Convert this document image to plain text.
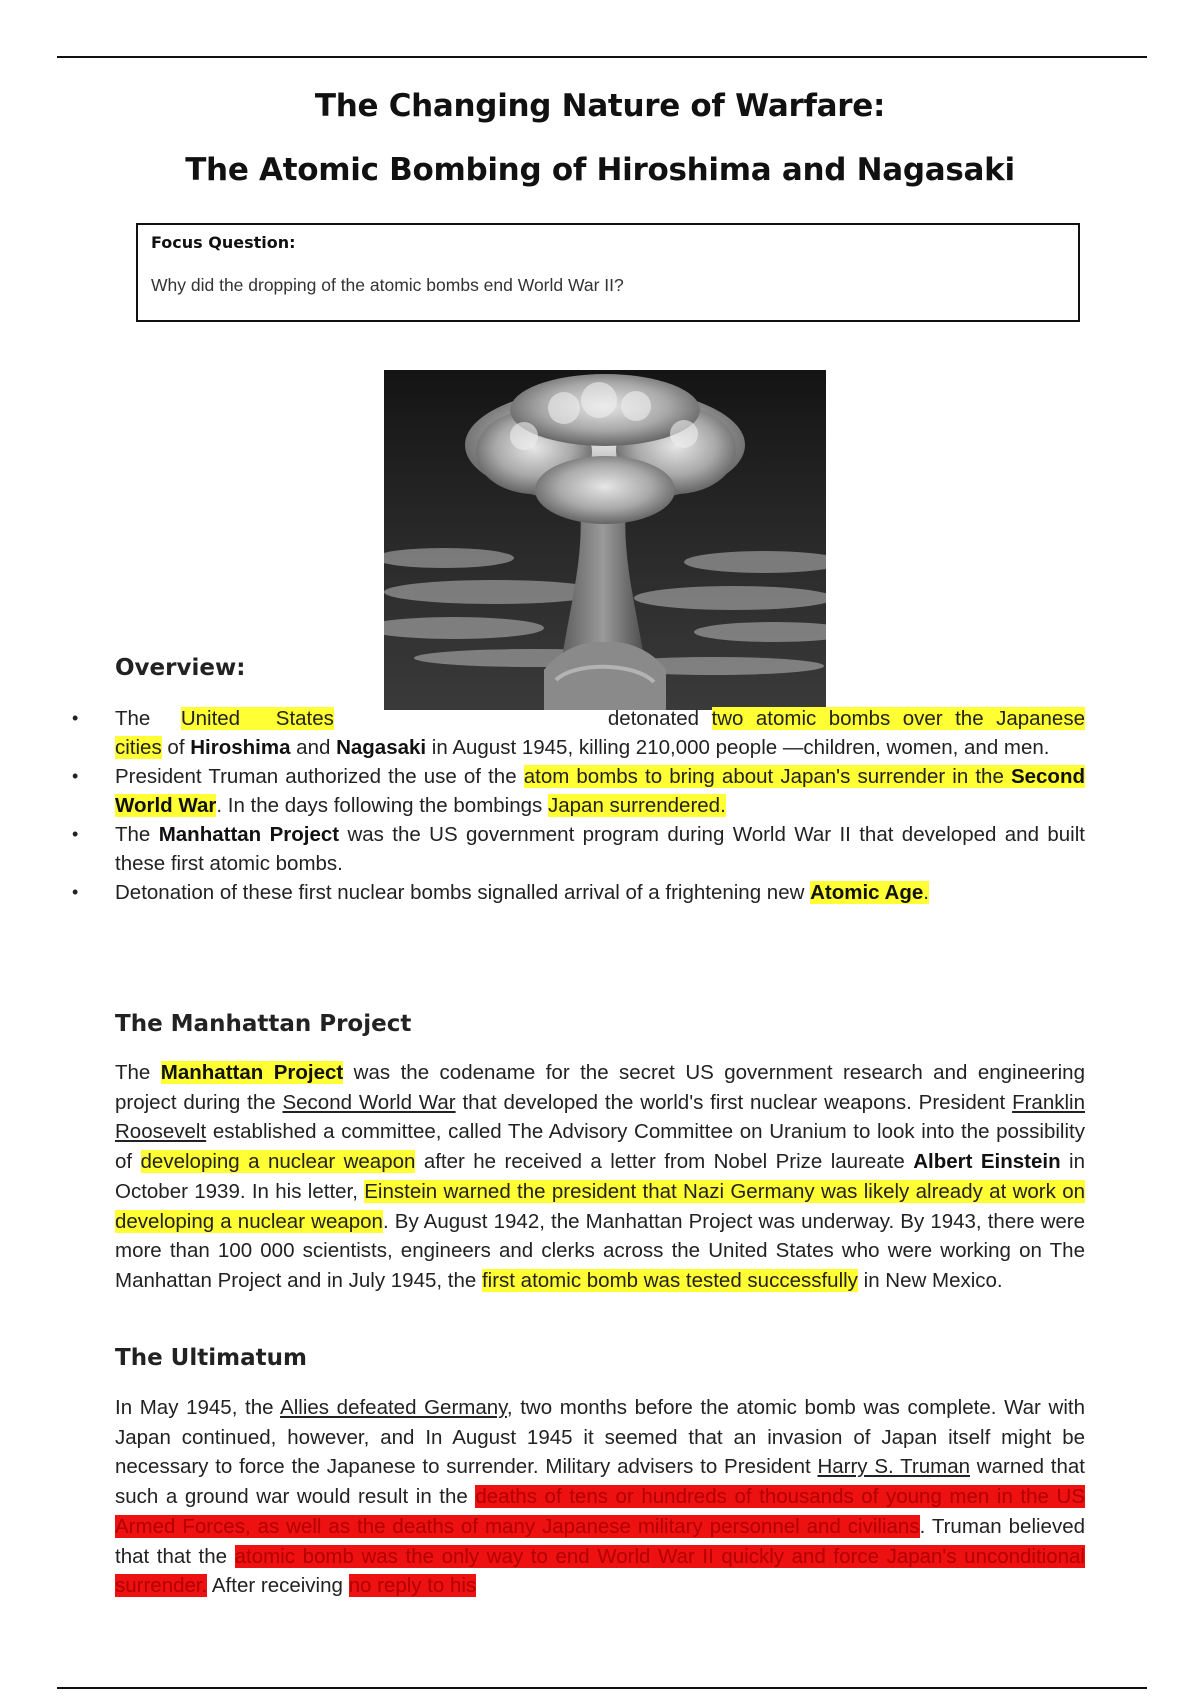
The Changing Nature of Warfare:
The Atomic Bombing of Hiroshima and Nagasaki
Focus Question:
Why did the dropping of the atomic bombs end World War II?
Overview:
• The United States	detonated two atomic bombs over the Japanese cities of Hiroshima and Nagasaki in August 1945, killing 210,000 people —children, women, and men.
• President Truman authorized the use of the atom bombs to bring about Japan's surrender in the Second World War. In the days following the bombings Japan surrendered.
• The Manhattan Project was the US government program during World War II that developed and built these first atomic bombs.
• Detonation of these first nuclear bombs signalled arrival of a frightening new Atomic Age.
The Manhattan Project

The Manhattan Project was the codename for the secret US government research and engineering project during the Second World War that developed the world's first nuclear weapons. President Franklin Roosevelt established a committee, called The Advisory Committee on Uranium to look into the possibility of developing a nuclear weapon after he received a letter from Nobel Prize laureate Albert Einstein in October 1939. In his letter, Einstein warned the president that Nazi Germany was likely already at work on developing a nuclear weapon. By August 1942, the Manhattan Project was underway. By 1943, there were more than 100 000 scientists, engineers and clerks across the United States who were working on The Manhattan Project and in July 1945, the first atomic bomb was tested successfully in New Mexico.

The Ultimatum

In May 1945, the Allies defeated Germany, two months before the atomic bomb was complete. War with Japan continued, however, and In August 1945 it seemed that an invasion of Japan itself might be necessary to force the Japanese to surrender. Military advisers to President Harry S. Truman warned that such a ground war would result in the deaths of tens or hundreds of thousands of young men in the US Armed Forces, as well as the deaths of many Japanese military personnel and civilians. Truman believed that that the atomic bomb was the only way to end World War II quickly and force Japan's unconditional surrender. After receiving no reply to his
